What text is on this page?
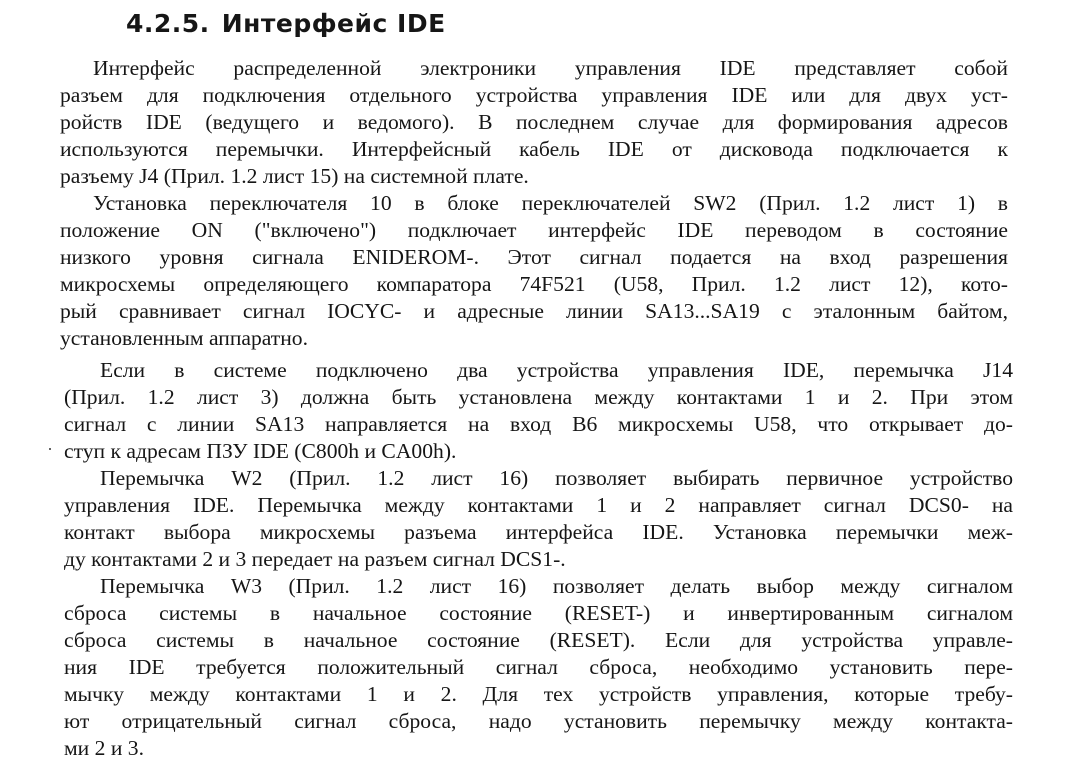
4.2.5. Интерфейс IDE
Интерфейс распределенной электроники управления IDE представляет собой
разъем для подключения отдельного устройства управления IDE или для двух уст-
ройств IDE (ведущего и ведомого). В последнем случае для формирования адресов
используются перемычки. Интерфейсный кабель IDE от дисковода подключается к
разъему J4 (Прил. 1.2 лист 15) на системной плате.
Установка переключателя 10 в блоке переключателей SW2 (Прил. 1.2 лист 1) в
положение ON ("включено") подключает интерфейс IDE переводом в состояние
низкого уровня сигнала ENIDEROM-. Этот сигнал подается на вход разрешения
микросхемы определяющего компаратора 74F521 (U58, Прил. 1.2 лист 12), кото-
рый сравнивает сигнал IOCYC- и адресные линии SA13...SA19 с эталонным байтом,
установленным аппаратно.
Если в системе подключено два устройства управления IDE, перемычка J14
(Прил. 1.2 лист 3) должна быть установлена между контактами 1 и 2. При этом
сигнал с линии SA13 направляется на вход B6 микросхемы U58, что открывает до-
ступ к адресам ПЗУ IDE (C800h и CA00h).
Перемычка W2 (Прил. 1.2 лист 16) позволяет выбирать первичное устройство
управления IDE. Перемычка между контактами 1 и 2 направляет сигнал DCS0- на
контакт выбора микросхемы разъема интерфейса IDE. Установка перемычки меж-
ду контактами 2 и 3 передает на разъем сигнал DCS1-.
Перемычка W3 (Прил. 1.2 лист 16) позволяет делать выбор между сигналом
сброса системы в начальное состояние (RESET-) и инвертированным сигналом
сброса системы в начальное состояние (RESET). Если для устройства управле-
ния IDE требуется положительный сигнал сброса, необходимо установить пере-
мычку между контактами 1 и 2. Для тех устройств управления, которые требу-
ют отрицательный сигнал сброса, надо установить перемычку между контакта-
ми 2 и 3.
